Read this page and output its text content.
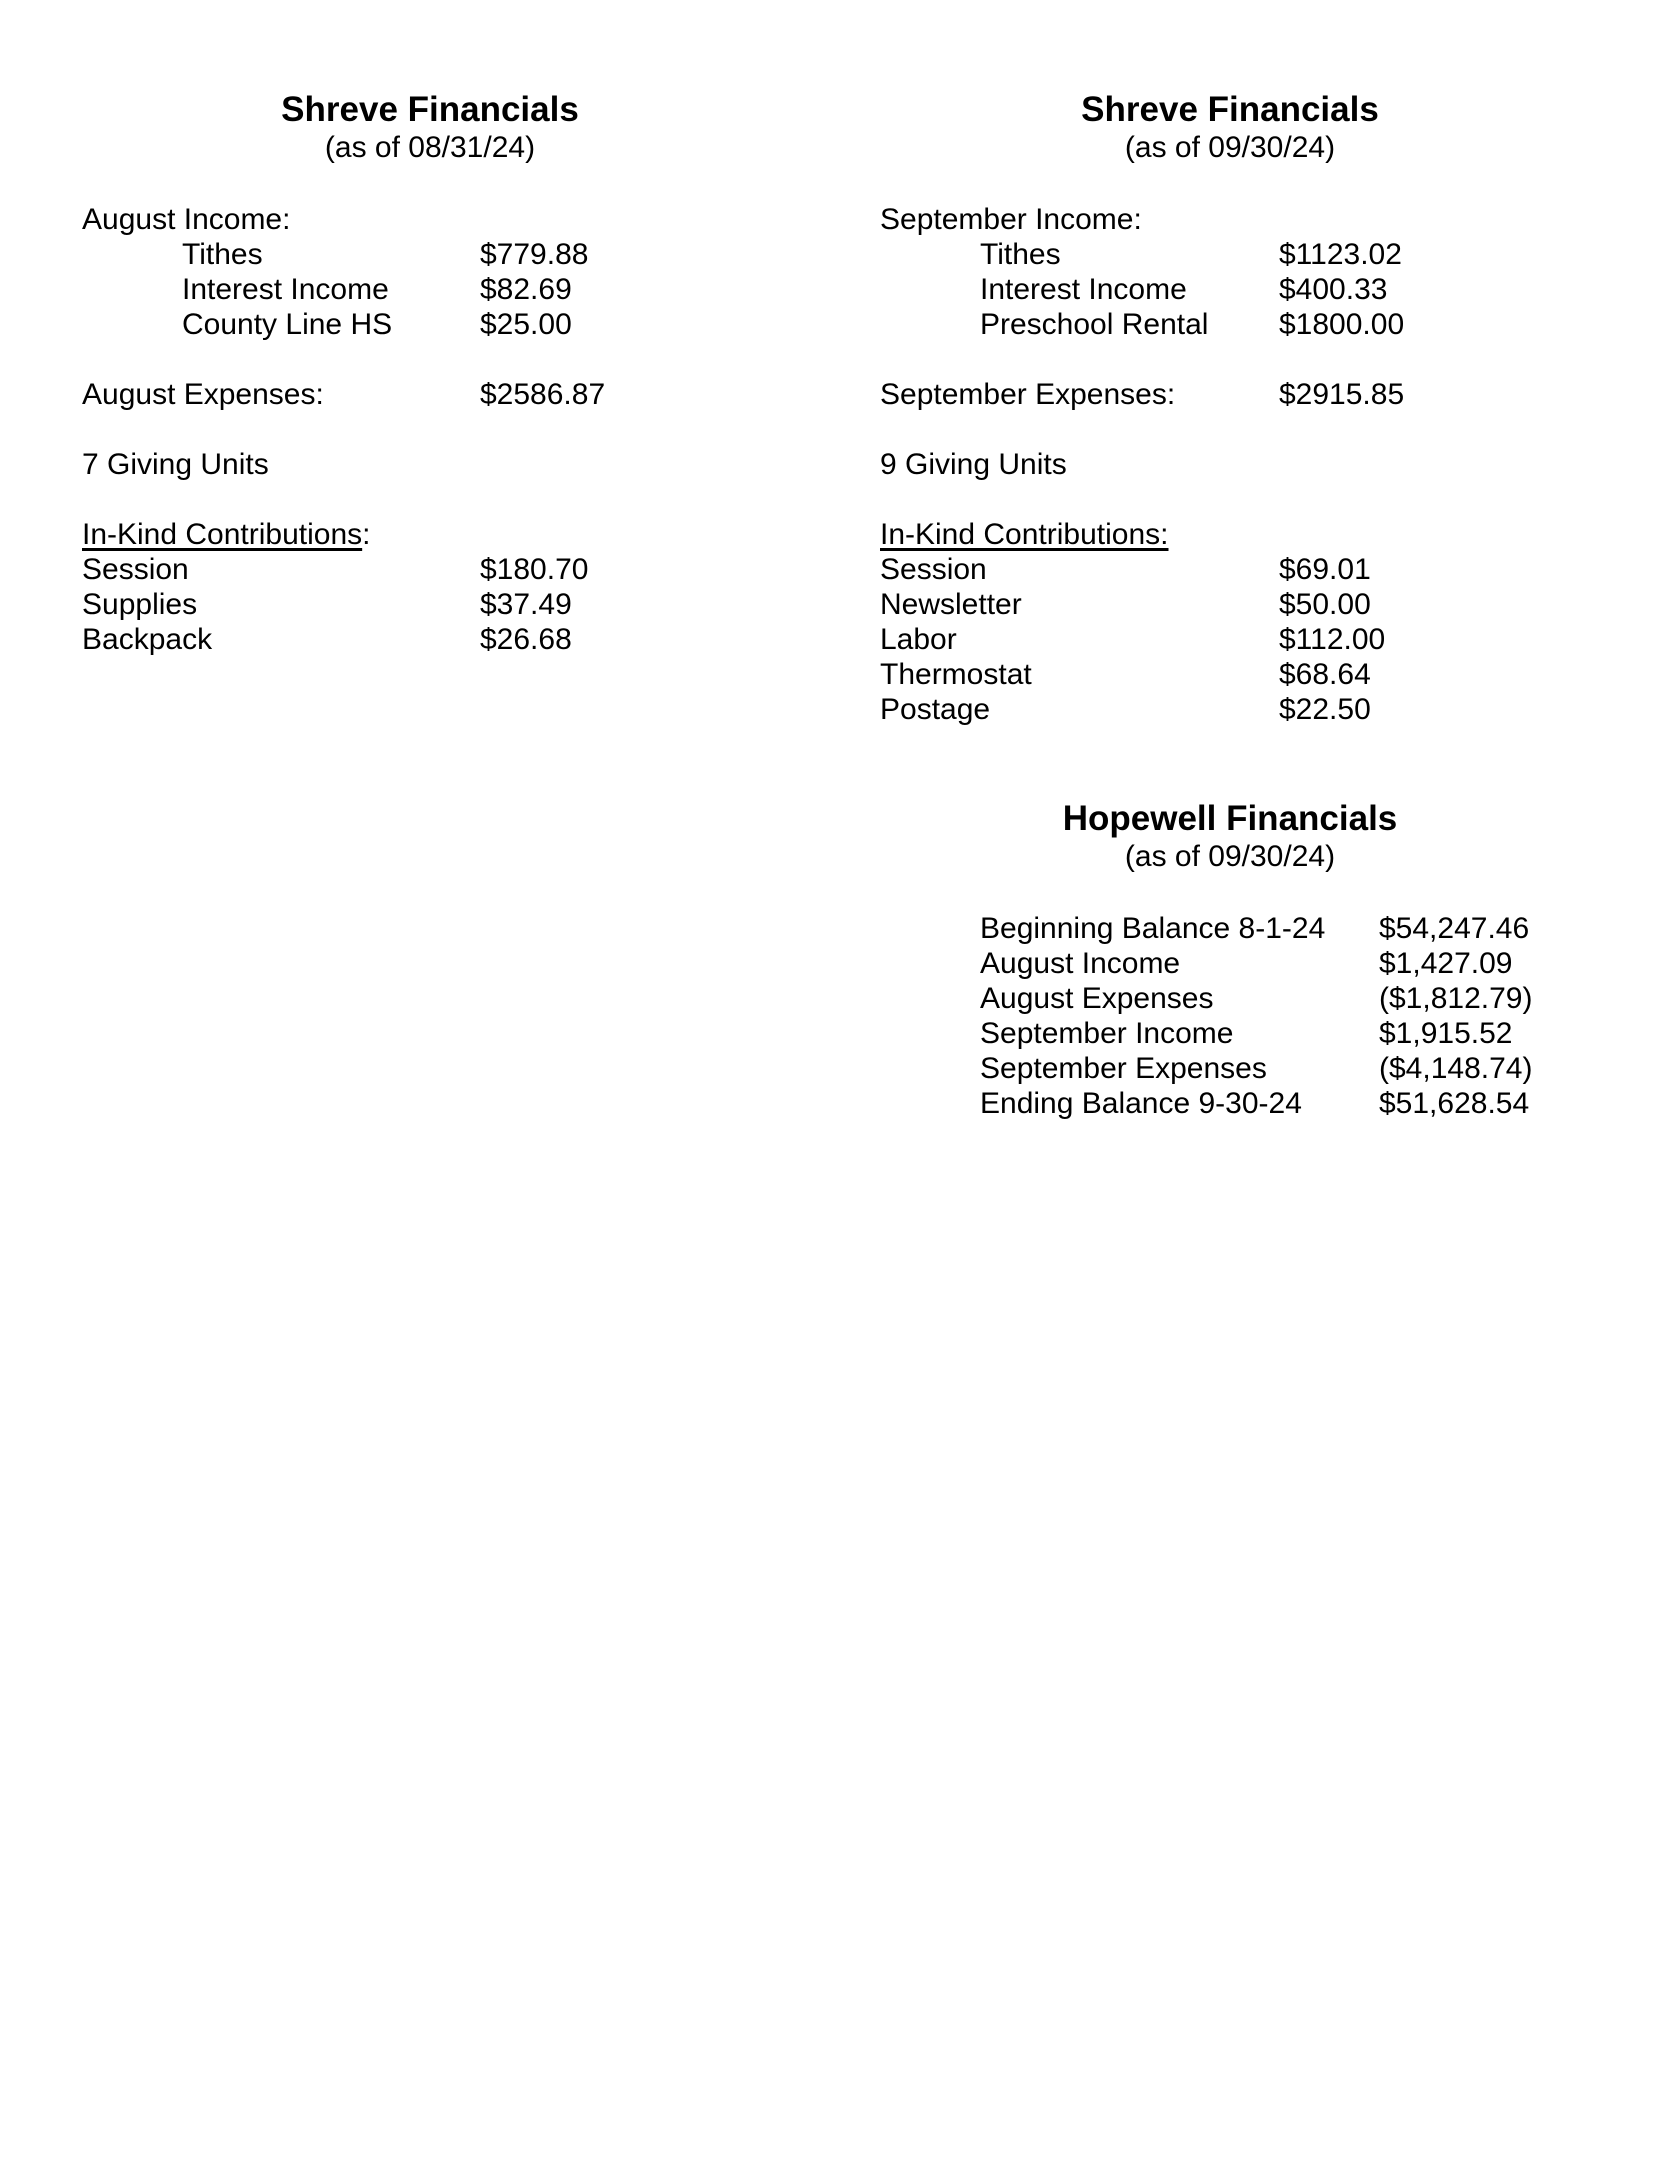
Shreve Financials
(as of 08/31/24)
August Income:
Tithes	$779.88
Interest Income	$82.69
County Line HS	$25.00
August Expenses:	$2586.87
7 Giving Units
In-Kind Contributions:
Session	$180.70
Supplies	$37.49
Backpack	$26.68
Shreve Financials
(as of 09/30/24)
September Income:
Tithes	$1123.02
Interest Income	$400.33
Preschool Rental $1800.00
September Expenses:	$2915.85
9 Giving Units
In-Kind Contributions:
Session	$69.01
Newsletter	$50.00
Labor	$112.00
Thermostat	$68.64
Postage	$22.50
Hopewell Financials
(as of 09/30/24)
Beginning Balance 8-1-24 $54,247.46
August Income	$1,427.09
August Expenses	($1,812.79)
September Income	$1,915.52
September Expenses	($4,148.74)
Ending Balance 9-30-24	$51,628.54
